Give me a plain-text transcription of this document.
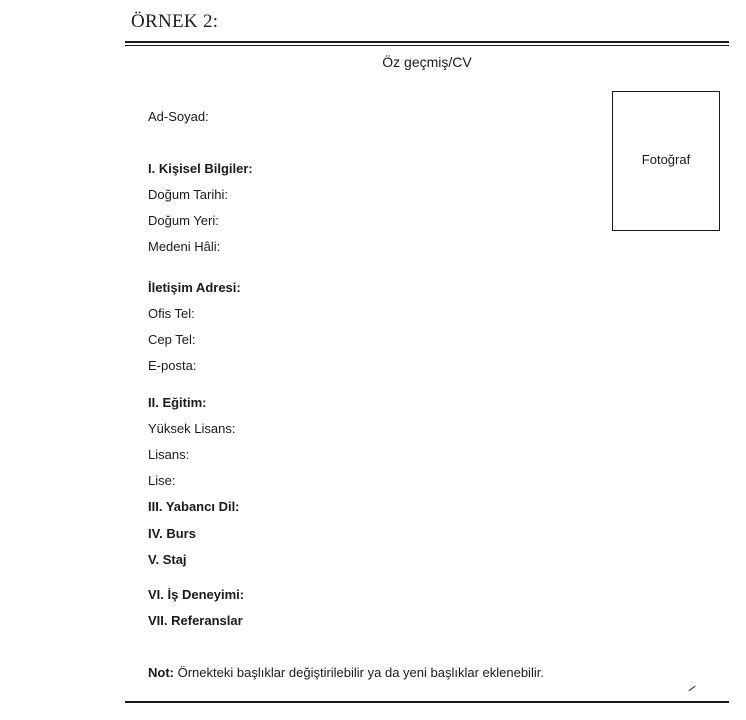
ÖRNEK 2:
Öz geçmiş/CV
Fotoğraf
Ad-Soyad:
I. Kişisel Bilgiler:
Doğum Tarihi:
Doğum Yeri:
Medeni Hâli:
İletişim Adresi:
Ofis Tel:
Cep Tel:
E-posta:
II. Eğitim:
Yüksek Lisans:
Lisans:
Lise:
III. Yabancı Dil:
IV. Burs
V. Staj
VI. İş Deneyimi:
VII. Referanslar
Not: Örnekteki başlıklar değiştirilebilir ya da yeni başlıklar eklenebilir.
